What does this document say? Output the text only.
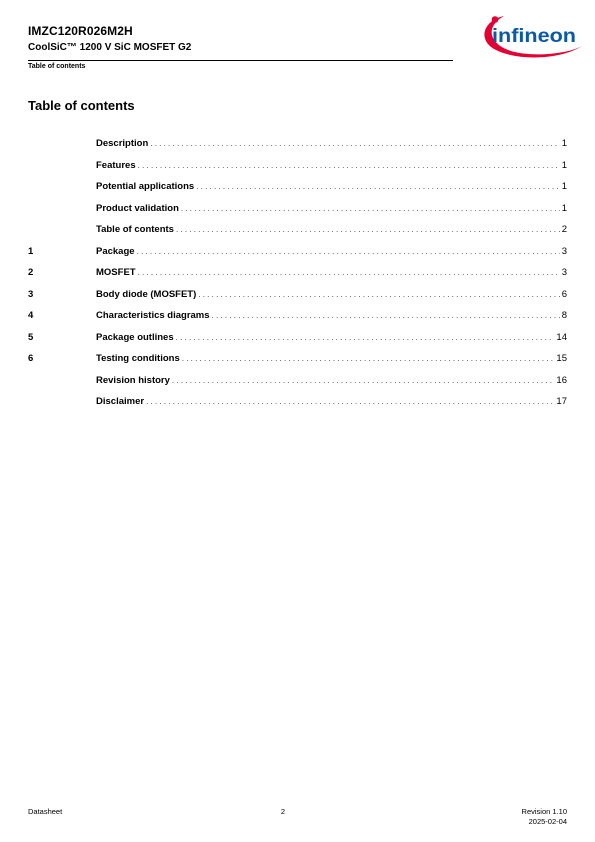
IMZC120R026M2H
CoolSiC™ 1200 V SiC MOSFET G2
Table of contents
infineon
Table of contents
Description . . .	1
Features . . .	1
Potential applications . . .	1
Product validation . . .	1
Table of contents . . .	2
1	Package . . .	3
2	MOSFET . . .	3
3	Body diode (MOSFET) . . .	6
4	Characteristics diagrams . . .	8
5	Package outlines . . .	14
6	Testing conditions . . .	15
Revision history . . .	16
Disclaimer . . .	17
Datasheet	2	Revision 1.10
2025-02-04
